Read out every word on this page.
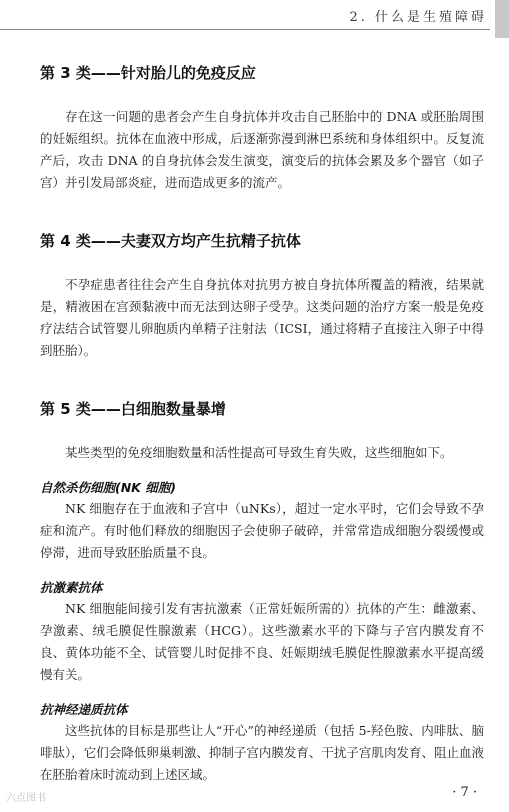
2. 什么是生殖障碍
第 3 类——针对胎儿的免疫反应

存在这一问题的患者会产生自身抗体并攻击自己胚胎中的 DNA 或胚胎周围的妊娠组织。抗体在血液中形成，后逐渐弥漫到淋巴系统和身体组织中。反复流产后，攻击 DNA 的自身抗体会发生演变，演变后的抗体会累及多个器官（如子宫）并引发局部炎症，进而造成更多的流产。

第 4 类——夫妻双方均产生抗精子抗体

不孕症患者往往会产生自身抗体对抗男方被自身抗体所覆盖的精液，结果就是，精液困在宫颈黏液中而无法到达卵子受孕。这类问题的治疗方案一般是免疫疗法结合试管婴儿卵胞质内单精子注射法（ICSI，通过将精子直接注入卵子中得到胚胎）。

第 5 类——白细胞数量暴增

某些类型的免疫细胞数量和活性提高可导致生育失败，这些细胞如下。

自然杀伤细胞(NK 细胞)

NK 细胞存在于血液和子宫中（uNKs），超过一定水平时，它们会导致不孕症和流产。有时他们释放的细胞因子会使卵子破碎，并常常造成细胞分裂缓慢或停滞，进而导致胚胎质量不良。

抗激素抗体

NK 细胞能间接引发有害抗激素（正常妊娠所需的）抗体的产生：雌激素、孕激素、绒毛膜促性腺激素（HCG）。这些激素水平的下降与子宫内膜发育不良、黄体功能不全、试管婴儿时促排不良、妊娠期绒毛膜促性腺激素水平提高缓慢有关。

抗神经递质抗体

这些抗体的目标是那些让人“开心”的神经递质（包括 5-羟色胺、内啡肽、脑啡肽），它们会降低卵巢刺激、抑制子宫内膜发育、干扰子宫肌肉发育、阻止血液在胚胎着床时流动到上述区域。

六点图书	· 7 ·
